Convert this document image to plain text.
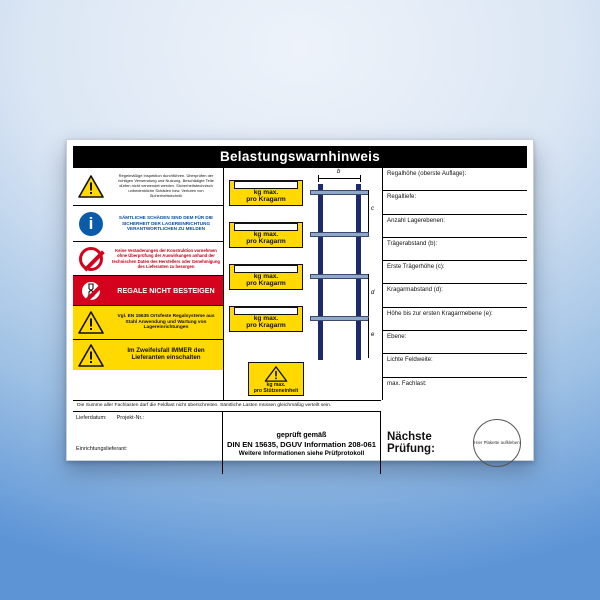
Belastungswarnhinweis
Regelmäßige Inspektion durchführen. Überprüfen der richtigen Verwendung und Nutzung. Beschädigte Teile dürfen nicht verwendet werden. Sicherheitstechnisch unbedenkliche Schäden bzw. Verluten von Sicherheitstechnik
i	SÄMTLICHE SCHÄDEN SIND DEM FÜR DIE SICHERHEIT DER LAGEREINRICHTUNG VERANTWORTLICHEN ZU MELDEN
Keine Veränderungen der Konstruktion vornehmen ohne Überprüfung der Auswirkungen anhand der technischen Daten des Herstellers oder Genehmigung des Lieferanten zu besorgen
REGALE NICHT BESTEIGEN
Vgl. EN 15635 Ortsfeste Regalsysteme aus Stahl Anwendung und Wartung von Lagereinrichtungen
Im Zweifelsfall IMMER den Lieferanten einschalten
kg max.
pro Kragarm
kg max.
pro Kragarm
kg max.
pro Kragarm
kg max.
pro Kragarm
kg max.
pro Stützeneinheit
b
c
d
e
Regalhöhe (oberste Auflage):
Regaltiefe:
Anzahl Lagerebenen:
Trägerabstand (b):
Erste Trägerhöhe (c):
Kragarmabstand (d):
Höhe bis zur ersten Kragarmebene (e):
Ebene:
Lichte Feldweite:
max. Fachlast:
Die Summe aller Fachlasten darf die Feldlast nicht überschreiten. Sämtliche Lasten müssen gleichmäßig verteilt sein.
Lieferdatum: Projekt-Nr.:
Einrichtungslieferant:
geprüft gemäß
DIN EN 15635, DGUV Information 208-061
Weitere Informationen siehe Prüfprotokoll
Nächste
Prüfung:
Hier Plakette aufkleben
